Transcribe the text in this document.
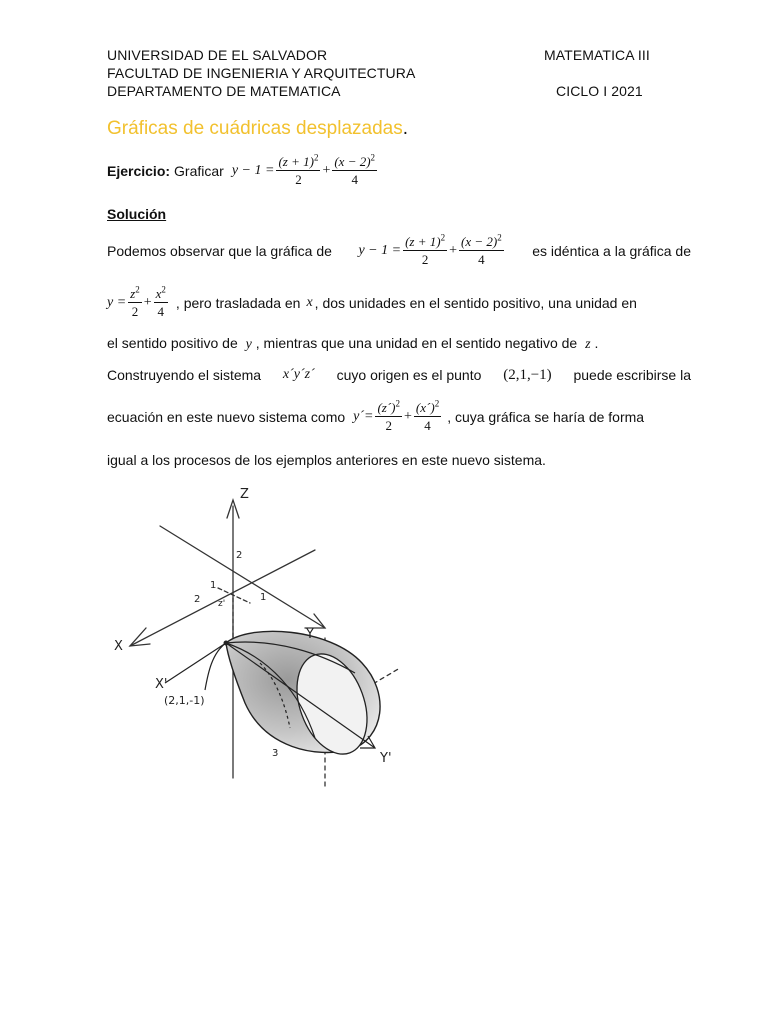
UNIVERSIDAD DE EL SALVADOR
FACULTAD DE INGENIERIA Y ARQUITECTURA
DEPARTAMENTO DE MATEMATICA
MATEMATICA III
CICLO I 2021
Gráficas de cuádricas desplazadas.
Ejercicio: Graficar $y - 1 = \frac{(z + 1)^2}{2} + \frac{(x - 2)^2}{4}$
Solución
Podemos observar que la gráfica de $y - 1 = \frac{(z + 1)^2}{2} + \frac{(x - 2)^2}{4}$ es idéntica a la gráfica de
$y = \frac{z^2}{2} + \frac{x^2}{4}$ , pero trasladada en x , dos unidades en el sentido positivo, una unidad en
el sentido positivo de y , mientras que una unidad en el sentido negativo de z .
Construyendo el sistema x´y´z´ cuyo origen es el punto (2,1,−1) puede escribirse la
ecuación en este nuevo sistema como y´= $\frac{(z´)^2}{2} + \frac{(x´)^2}{4}$ , cuya gráfica se haría de forma
igual a los procesos de los ejemplos anteriores en este nuevo sistema.
Z
Y
X
X'
Y'
(2,1,-1)
2
1
1
2 z'
3
